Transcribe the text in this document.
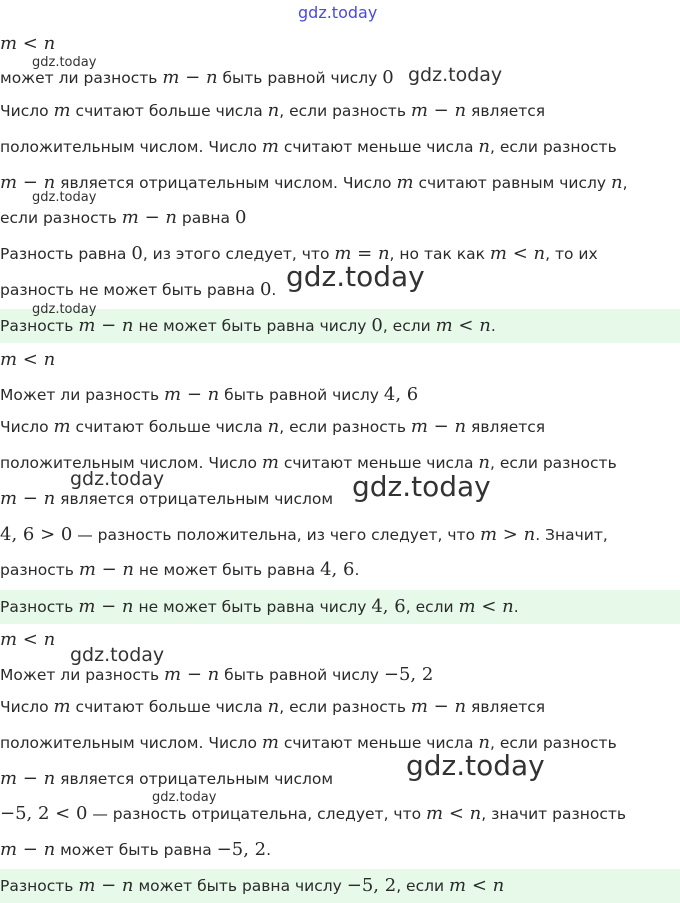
m < n
может ли разность m − n быть равной числу 0
Число m считают больше числа n, если разность m − n является
положительным числом. Число m считают меньше числа n, если разность
m − n является отрицательным числом. Число m считают равным числу n,
если разность m − n равна 0
Разность равна 0, из этого следует, что m = n, но так как m < n, то их
разность не может быть равна 0.
Разность m − n не может быть равна числу 0, если m < n.
m < n
Может ли разность m − n быть равной числу 4, 6
Число m считают больше числа n, если разность m − n является
положительным числом. Число m считают меньше числа n, если разность
m − n является отрицательным числом
4, 6 > 0 — разность положительна, из чего следует, что m > n. Значит,
разность m − n не может быть равна 4, 6.
Разность m − n не может быть равна числу 4, 6, если m < n.
m < n
Может ли разность m − n быть равной числу −5, 2
Число m считают больше числа n, если разность m − n является
положительным числом. Число m считают меньше числа n, если разность
m − n является отрицательным числом
−5, 2 < 0 — разность отрицательна, следует, что m < n, значит разность
m − n может быть равна −5, 2.
Разность m − n может быть равна числу −5, 2, если m < n
gdz.today
gdz.today
gdz.today
gdz.today
gdz.today
gdz.today
gdz.today	gdz.today
gdz.today
gdz.today
gdz.today
